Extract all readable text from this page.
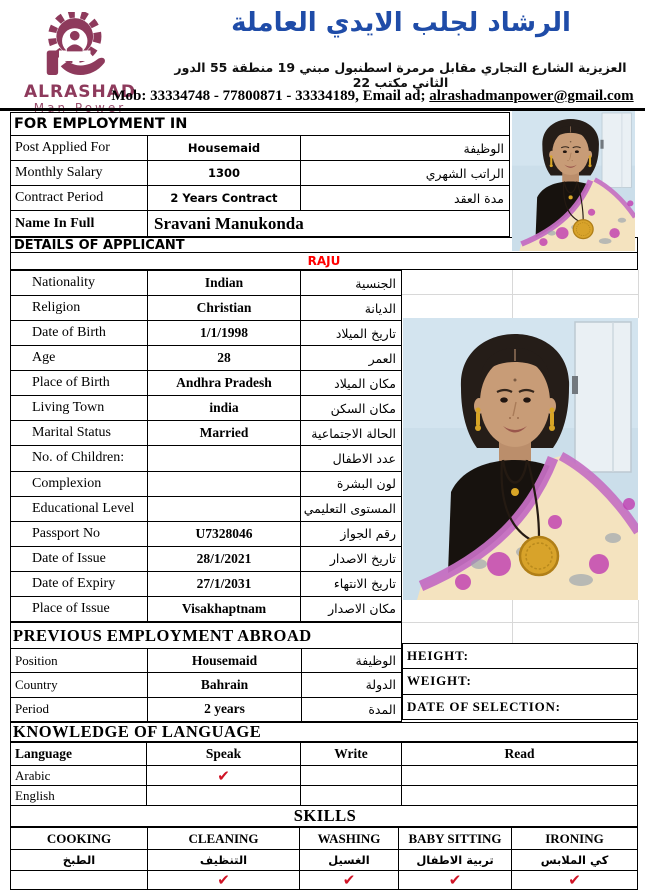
ALRASHAD
الرشاد لجلب الايدي العاملة
العزيزية الشارع التجاري مقابل مرمرة اسطنبول مبني 19 منطقة 55 الدور الثاني مكتب 22
Mob: 33334748 - 77800871 - 33334189, Email ad; alrashadmanpower@gmail.com
FOR EMPLOYMENT IN		
Post Applied For	Housemaid	الوظيفة
Monthly Salary	1300	الراتب الشهري
Contract Period	2 Years Contract	مدة العقد
Name In Full	Sravani Manukonda	
DETAILS OF APPLICANT
RAJU
Nationality	Indian	الجنسية
Religion	Christian	الديانة
Date of Birth	1/1/1998	تاريخ الميلاد
Age	28	العمر
Place of Birth	Andhra Pradesh	مكان الميلاد
Living Town	india	مكان السكن
Marital Status	Married	الحالة الاجتماعية
No. of Children:		عدد الاطفال
Complexion		لون البشرة
Educational Level		المستوى التعليمي
Passport No	U7328046	رقم الجواز
Date of Issue	28/1/2021	تاريخ الاصدار
Date of Expiry	27/1/2031	تاريخ الانتهاء
Place of Issue	Visakhaptnam	مكان الاصدار
PREVIOUS EMPLOYMENT ABROAD		
Position	Housemaid	الوظيفة
Country	Bahrain	الدولة
Period	2 years	المدة
HEIGHT:
WEIGHT:
DATE OF SELECTION:
KNOWLEDGE OF LANGUAGE
Language	Speak	Write	Read
Arabic	✔		
English			
SKILLS
COOKING	CLEANING	WASHING	BABY SITTING	IRONING
الطبخ	التنظيف	الغسيل	تربية الاطفال	كي الملابس
	✔	✔	✔	✔
